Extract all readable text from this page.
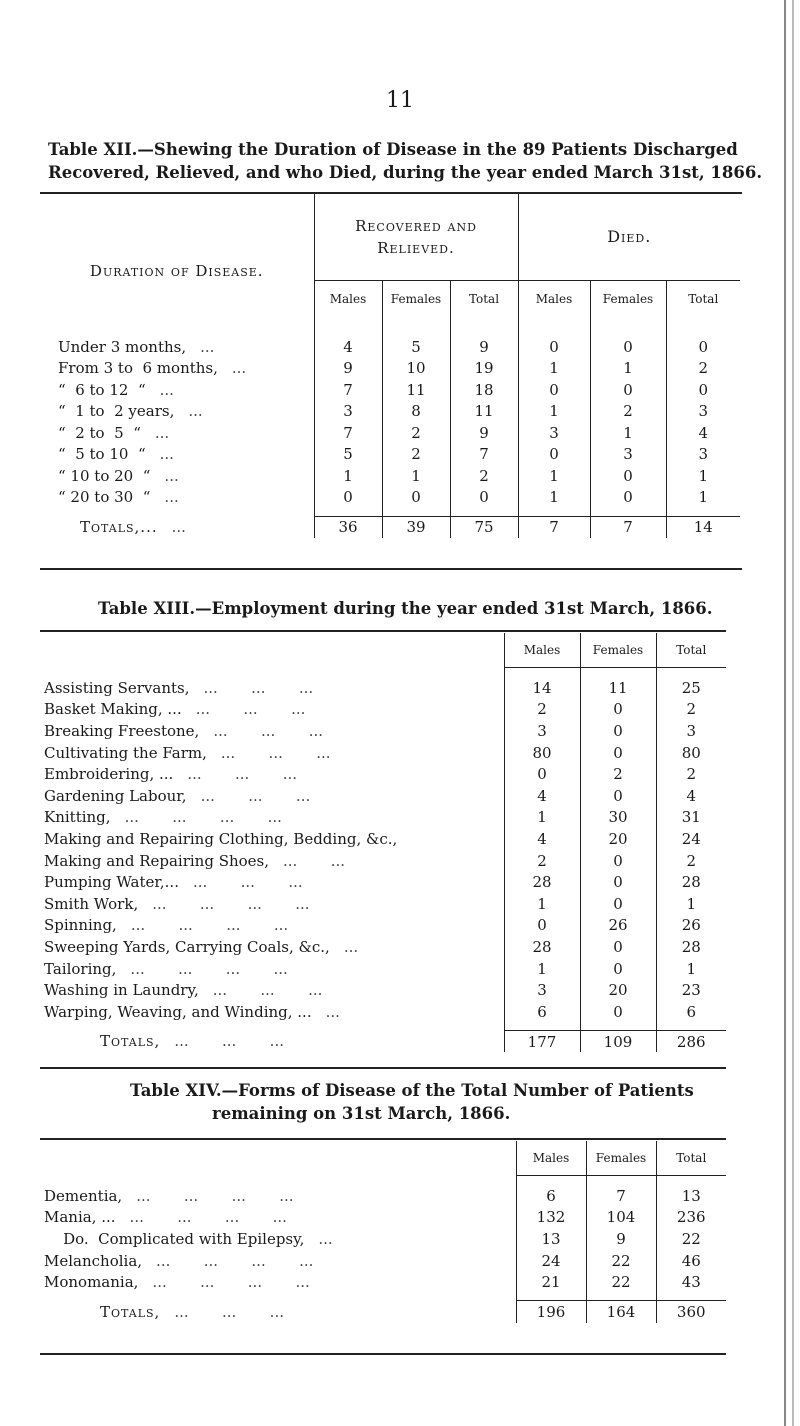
11
Table XII.—Shewing the Duration of Disease in the 89 Patients Discharged
Recovered, Relieved, and who Died, during the year ended March 31st, 1866.
Duration of Disease.	Recovered and Relieved.			Died.		
	Males	Females	Total	Males	Females	Total

Under 3 months, ...	4	5	9	0	0	0
From 3 to  6 months, ...	9	10	19	1	1	2
“  6 to 12  “ ...	7	11	18	0	0	0
“  1 to  2 years, ...	3	8	11	1	2	3
“  2 to  5  “ ...	7	2	9	3	1	4
“  5 to 10  “ ...	5	2	7	0	3	3
“ 10 to 20  “ ...	1	1	2	1	0	1
“ 20 to 30  “ ...	0	0	0	1	0	1

Totals,... ...	36	39	75	7	7	14
Table XIII.—Employment during the year ended 31st March, 1866.
	Males	Females	Total

Assisting Servants, ...       ...       ...	14	11	25
Basket Making, ... ...       ...       ...	2	0	2
Breaking Freestone, ...       ...       ...	3	0	3
Cultivating the Farm, ...       ...       ...	80	0	80
Embroidering, ... ...       ...       ...	0	2	2
Gardening Labour, ...       ...       ...	4	0	4
Knitting, ...       ...       ...       ...	1	30	31
Making and Repairing Clothing, Bedding, &c.,	4	20	24
Making and Repairing Shoes, ...       ...	2	0	2
Pumping Water,... ...       ...       ...	28	0	28
Smith Work, ...       ...       ...       ...	1	0	1
Spinning, ...       ...       ...       ...	0	26	26
Sweeping Yards, Carrying Coals, &c., ...	28	0	28
Tailoring, ...       ...       ...       ...	1	0	1
Washing in Laundry, ...       ...       ...	3	20	23
Warping, Weaving, and Winding, ... ...	6	0	6

Totals, ...       ...       ...	177	109	286
Table XIV.—Forms of Disease of the Total Number of Patients
remaining on 31st March, 1866.
	Males	Females	Total

Dementia, ...       ...       ...       ...	6	7	13
Mania, ... ...       ...       ...       ...	132	104	236
Do.  Complicated with Epilepsy, ...	13	9	22
Melancholia, ...       ...       ...       ...	24	22	46
Monomania, ...       ...       ...       ...	21	22	43

Totals, ...       ...       ...	196	164	360
